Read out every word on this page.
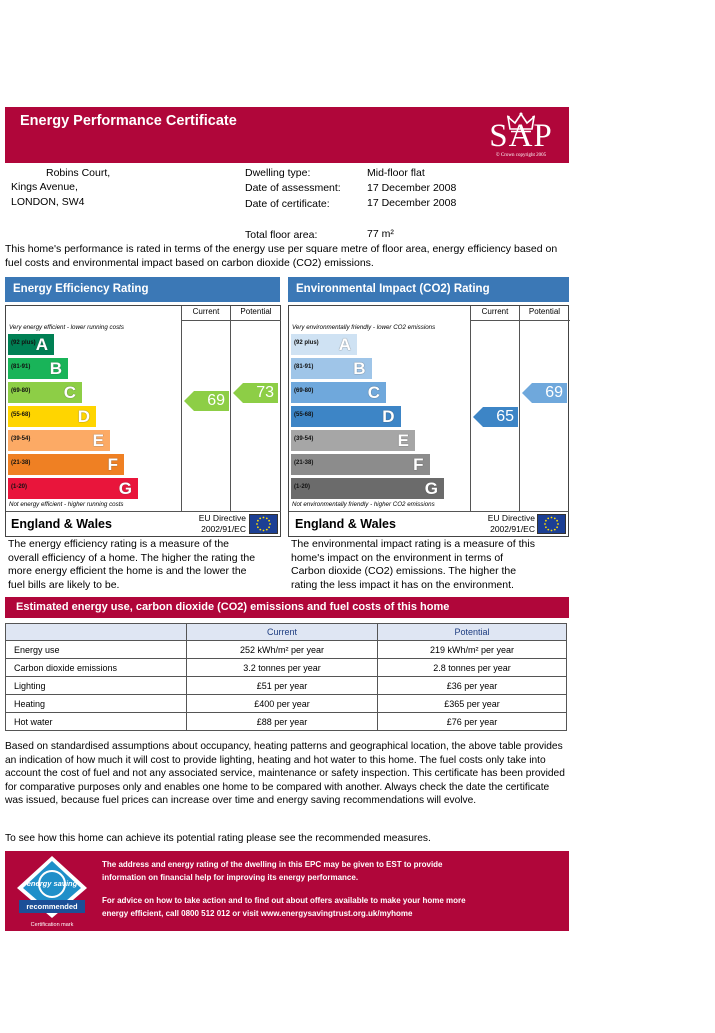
Energy Performance Certificate	SAP
© Crown copyright 2005
Robins Court,
Kings Avenue,
LONDON, SW4
Dwelling type:	Mid-floor flat
Date of assessment:	17 December 2008
Date of certificate:	17 December 2008
Total floor area:	77 m²
This home's performance is rated in terms of the energy use per square metre of floor area, energy efficiency based on fuel costs and environmental impact based on carbon dioxide (CO2) emissions.
Energy Efficiency Rating
Current	Potential
Very energy efficient - lower running costs
Not energy efficient - higher running costs
(92 plus) A
(81-91) B
(69-80) C
(55-68)	D
(39-54)	E
(21-38)	F
(1-20)	G
69 73
England & Wales	EU Directive
2002/91/EC
Environmental Impact (CO2) Rating
Current	Potential
Very environmentally friendly - lower CO2 emissions
Not environmentally friendly - higher CO2 emissions
(92 plus) A
(81-91) B
(69-80)	C
(55-68)	D
(39-54)	E
(21-38)	F
(1-20)	G
65
69
England & Wales	EU Directive
2002/91/EC
The energy efficiency rating is a measure of the
overall efficiency of a home. The higher the rating the
more energy efficient the home is and the lower the
fuel bills are likely to be.
The environmental impact rating is a measure of this
home's impact on the environment in terms of
Carbon dioxide (CO2) emissions. The higher the
rating the less impact it has on the environment.
Estimated energy use, carbon dioxide (CO2) emissions and fuel costs of this home
	Current	Potential
Energy use	252 kWh/m² per year	219 kWh/m² per year
Carbon dioxide emissions	3.2 tonnes per year	2.8 tonnes per year
Lighting	£51 per year	£36 per year
Heating	£400 per year	£365 per year
Hot water	£88 per year	£76 per year
Based on standardised assumptions about occupancy, heating patterns and geographical location, the above table provides an indication of how much it will cost to provide lighting, heating and hot water to this home. The fuel costs only take into account the cost of fuel and not any associated service, maintenance or safety inspection. This certificate has been provided for comparative purposes only and enables one home to be compared with another. Always check the date the certificate was issued, because fuel prices can increase over time and energy saving recommendations will evolve.
To see how this home can achieve its potential rating please see the recommended measures.
energy saving
recommended
Certification mark
The address and energy rating of the dwelling in this EPC may be given to EST to provide
information on financial help for improving its energy performance.
For advice on how to take action and to find out about offers available to make your home more
energy efficient, call 0800 512 012 or visit www.energysavingtrust.org.uk/myhome
